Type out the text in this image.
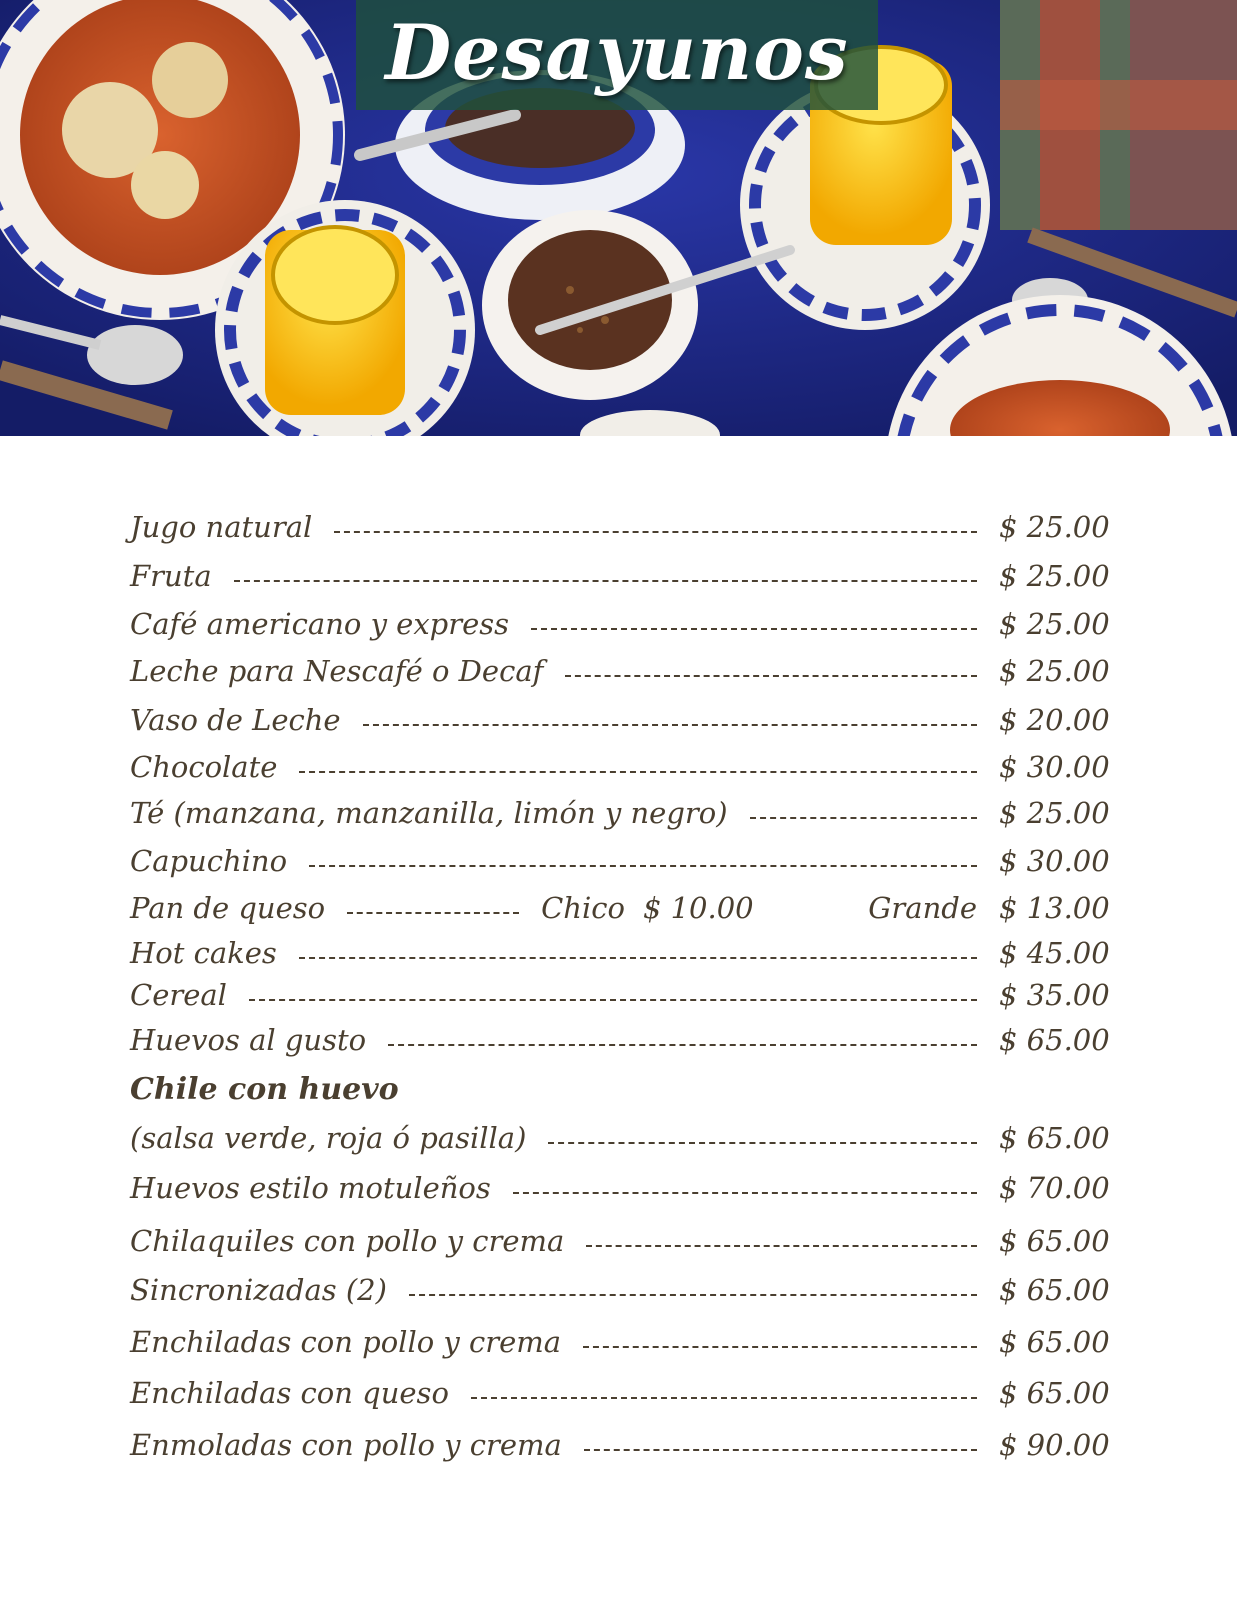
Desayunos
Jugo natural	$ 25.00
Fruta	$ 25.00
Café americano y express	$ 25.00
Leche para Nescafé o Decaf	$ 25.00
Vaso de Leche	$ 20.00
Chocolate	$ 30.00
Té (manzana, manzanilla, limón y negro)	$ 25.00
Capuchino	$ 30.00
Pan de queso	Chico $ 10.00	Grande $ 13.00
Hot cakes	$ 45.00
Cereal	$ 35.00
Huevos al gusto	$ 65.00
Chile con huevo
(salsa verde, roja ó pasilla)	$ 65.00
Huevos estilo motuleños	$ 70.00
Chilaquiles con pollo y crema	$ 65.00
Sincronizadas (2)	$ 65.00
Enchiladas con pollo y crema	$ 65.00
Enchiladas con queso	$ 65.00
Enmoladas con pollo y crema	$ 90.00
